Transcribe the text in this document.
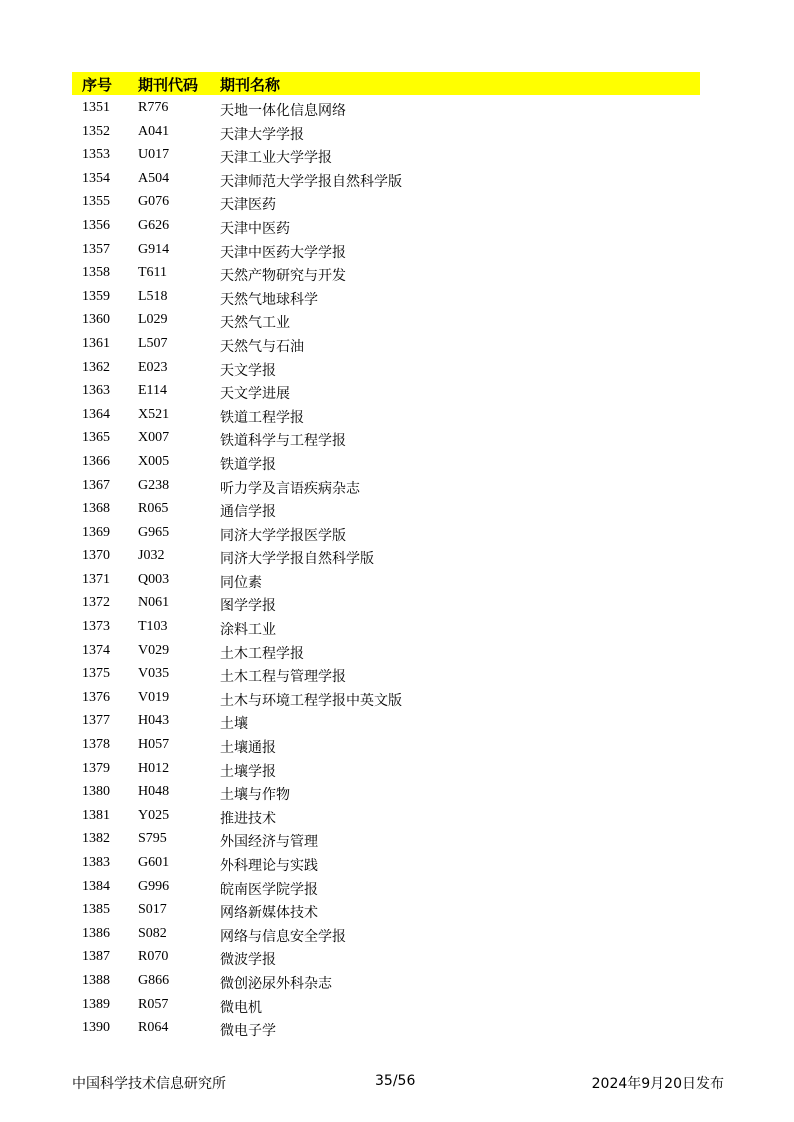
序号 期刊代码 期刊名称
1351 R776	天地一体化信息网络
1352 A041	天津大学学报
1353 U017	天津工业大学学报
1354 A504	天津师范大学学报自然科学版
1355 G076	天津医药
1356 G626	天津中医药
1357 G914	天津中医药大学学报
1358 T611	天然产物研究与开发
1359 L518	天然气地球科学
1360 L029	天然气工业
1361 L507	天然气与石油
1362 E023	天文学报
1363 E114	天文学进展
1364 X521	铁道工程学报
1365 X007	铁道科学与工程学报
1366 X005	铁道学报
1367 G238	听力学及言语疾病杂志
1368 R065	通信学报
1369 G965	同济大学学报医学版
1370 J032	同济大学学报自然科学版
1371 Q003	同位素
1372 N061	图学学报
1373 T103	涂料工业
1374 V029	土木工程学报
1375 V035	土木工程与管理学报
1376 V019	土木与环境工程学报中英文版
1377 H043	土壤
1378 H057	土壤通报
1379 H012	土壤学报
1380 H048	土壤与作物
1381 Y025	推进技术
1382 S795	外国经济与管理
1383 G601	外科理论与实践
1384 G996	皖南医学院学报
1385 S017	网络新媒体技术
1386 S082	网络与信息安全学报
1387 R070	微波学报
1388 G866	微创泌尿外科杂志
1389 R057	微电机
1390 R064	微电子学
中国科学技术信息研究所	35/56	2024年9月20日发布
